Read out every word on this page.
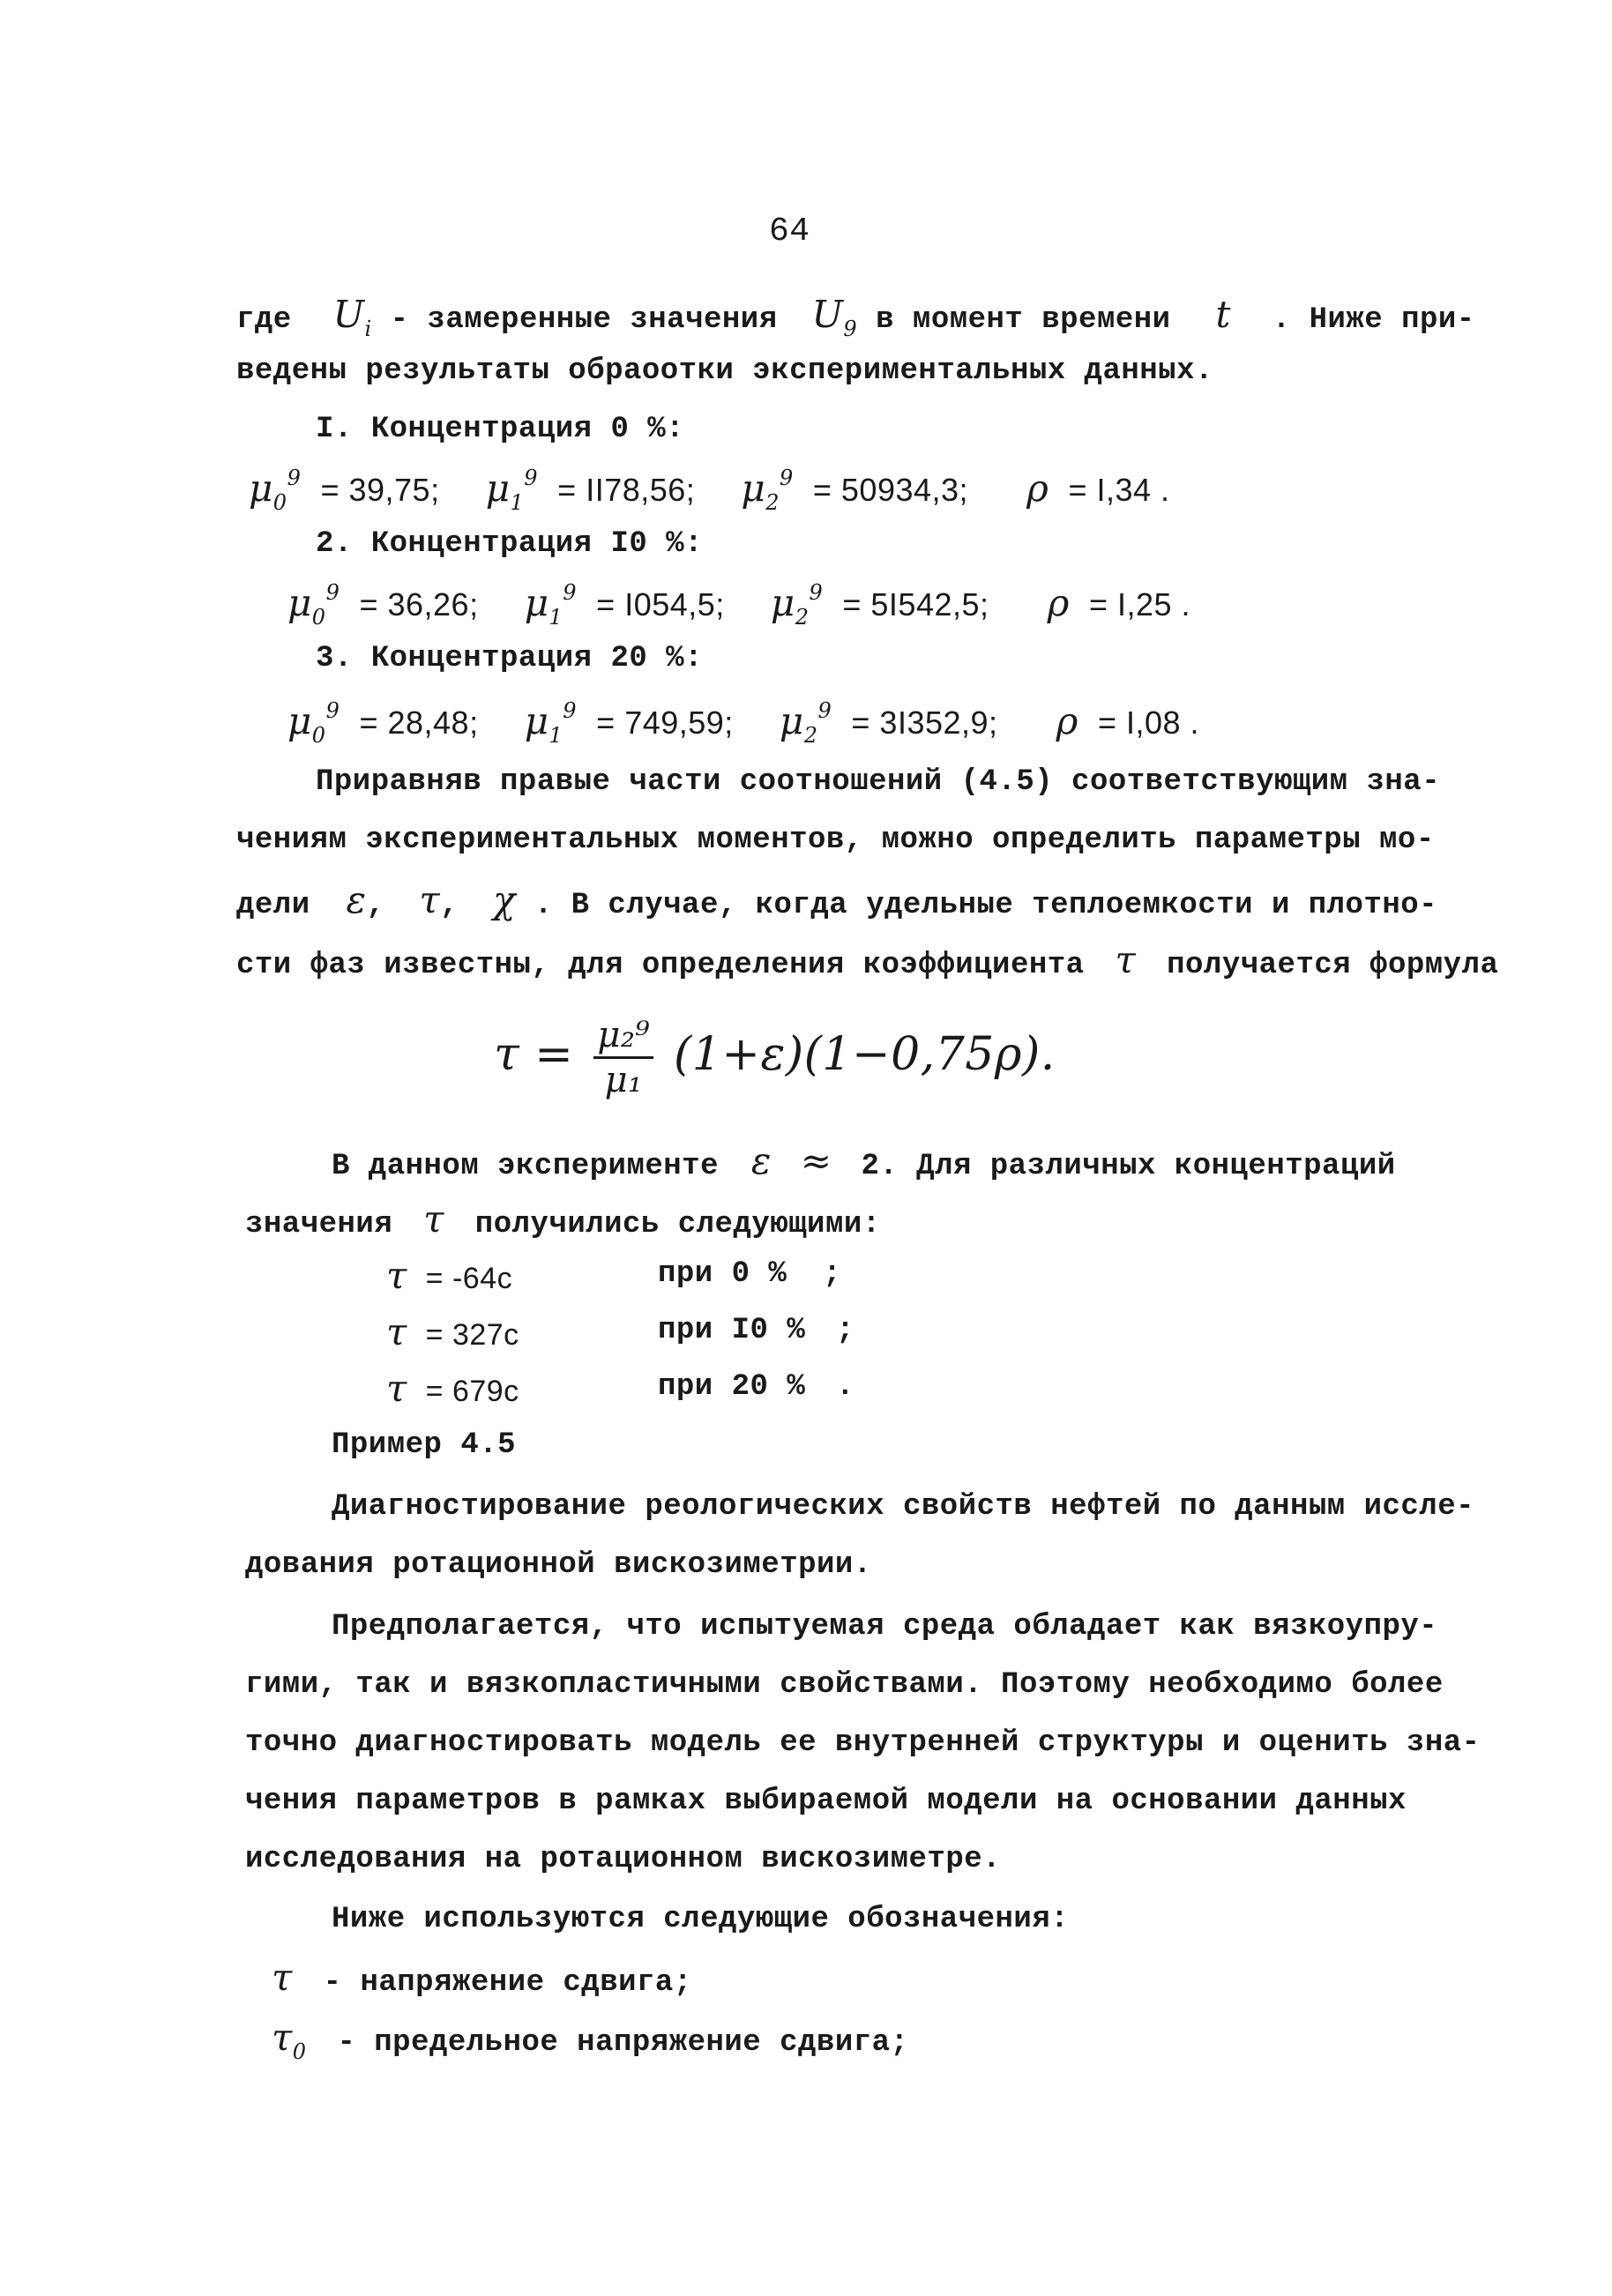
64
где $U_i$ - замеренные значения $U_9$ в момент времени t . Ниже при-
ведены результаты обраоотки экспериментальных данных.
I. Концентрация 0 %:
$\mu_0^9 = 39,75$; $\mu_1^9 = II78,56$; $\mu_2^9 = 50934,3$; ρ = I,34 .
2. Концентрация I0 %:
$\mu_0^9 = 36,26$; $\mu_1^9 = I054,5$; $\mu_2^9 = 5I542,5$; ρ = I,25 .
3. Концентрация 20 %:
$\mu_0^9 = 28,48$; $\mu_1^9 = 749,59$; $\mu_2^9 = 3I352,9$; ρ = I,08 .
Приравняв правые части соотношений (4.5) соответствующим зна-
чениям экспериментальных моментов, можно определить параметры мо-
дели ε, τ, χ . В случае, когда удельные теплоемкости и плотно-
сти фаз известны, для определения коэффициента τ получается формула
$\tau = \frac{\text{μ₂⁹}}{\text{μ₁}} (1+\varepsilon)(1-0,75\rho)$.
В данном эксперименте ε ≈ 2. Для различных концентраций
значения τ получились следующими:
τ = -64с	при 0 % ;
τ = 327с	при I0 % ;
τ = 679с	при 20 % .
Пример 4.5
Диагностирование реологических свойств нефтей по данным иссле-
дования ротационной вискозиметрии.
Предполагается, что испытуемая среда обладает как вязкоупру-
гими, так и вязкопластичными свойствами. Поэтому необходимо более
точно диагностировать модель ее внутренней структуры и оценить зна-
чения параметров в рамках выбираемой модели на основании данных
исследования на ротационном вискозиметре.
Ниже используются следующие обозначения:
τ - напряжение сдвига;
$\tau_0$ - предельное напряжение сдвига;
